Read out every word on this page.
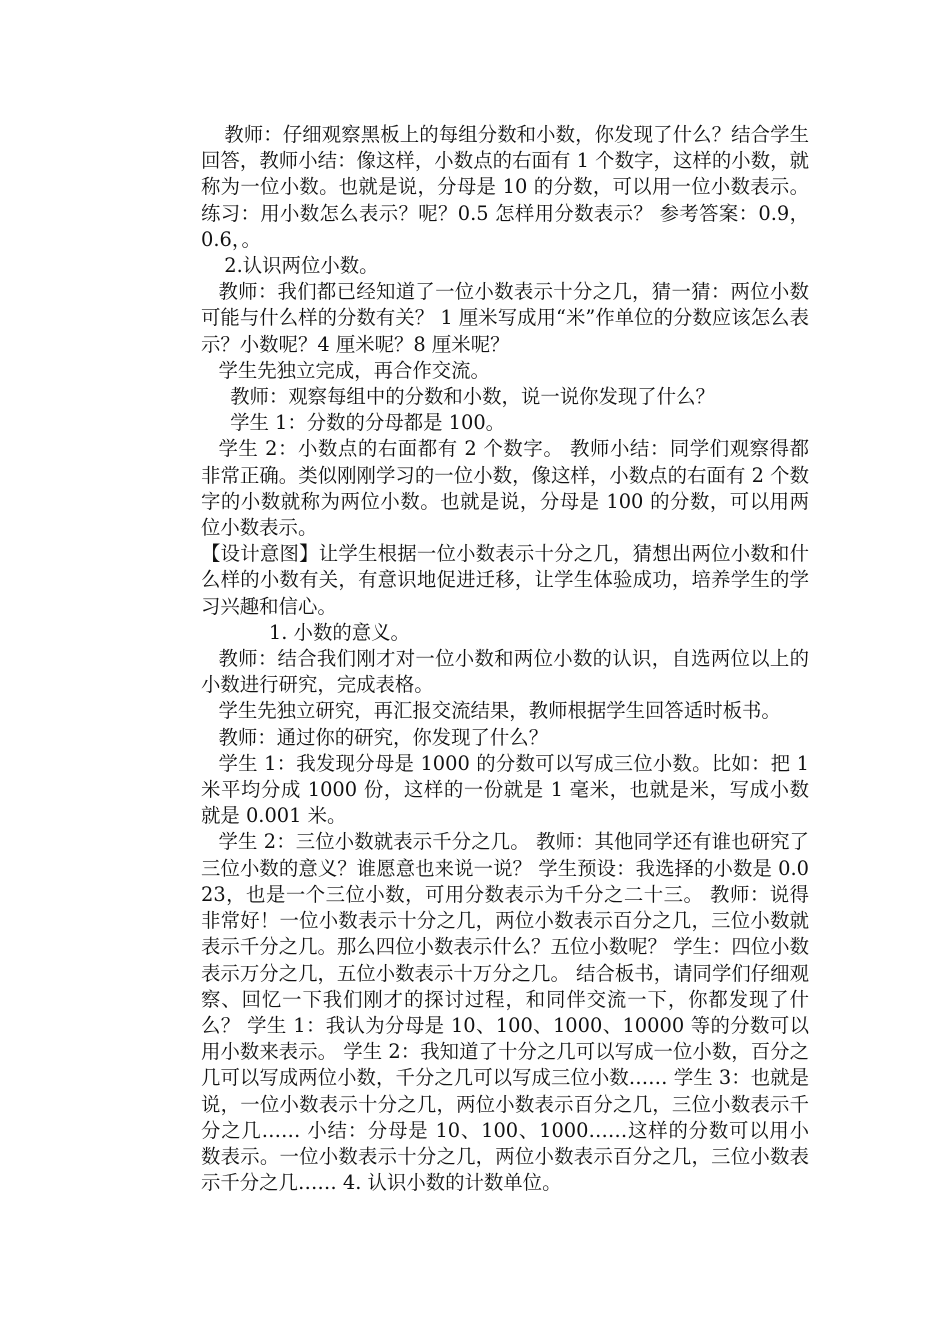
教师：仔细观察黑板上的每组分数和小数，你发现了什么？结合学生回答，教师小结：像这样，小数点的右面有 1 个数字，这样的小数，就称为一位小数。也就是说，分母是 10 的分数，可以用一位小数表示。 练习：用小数怎么表示？呢？0.5 怎样用分数表示？ 参考答案：0.9，0.6，。

2.认识两位小数。

教师：我们都已经知道了一位小数表示十分之几，猜一猜：两位小数可能与什么样的分数有关？ 1 厘米写成用“米”作单位的分数应该怎么表示？小数呢？4 厘米呢？8 厘米呢？

学生先独立完成，再合作交流。

教师：观察每组中的分数和小数，说一说你发现了什么？

学生 1：分数的分母都是 100。

学生 2：小数点的右面都有 2 个数字。 教师小结：同学们观察得都非常正确。类似刚刚学习的一位小数，像这样，小数点的右面有 2 个数字的小数就称为两位小数。也就是说，分母是 100 的分数，可以用两位小数表示。

【设计意图】让学生根据一位小数表示十分之几，猜想出两位小数和什么样的小数有关，有意识地促进迁移，让学生体验成功，培养学生的学习兴趣和信心。

1. 小数的意义。

教师：结合我们刚才对一位小数和两位小数的认识，自选两位以上的小数进行研究，完成表格。

学生先独立研究，再汇报交流结果，教师根据学生回答适时板书。

教师：通过你的研究，你发现了什么？

学生 1：我发现分母是 1000 的分数可以写成三位小数。比如：把 1 米平均分成 1000 份，这样的一份就是 1 毫米，也就是米，写成小数就是 0.001 米。

学生 2：三位小数就表示千分之几。 教师：其他同学还有谁也研究了三位小数的意义？谁愿意也来说一说？ 学生预设：我选择的小数是 0.023，也是一个三位小数，可用分数表示为千分之二十三。 教师：说得非常好！一位小数表示十分之几，两位小数表示百分之几，三位小数就表示千分之几。那么四位小数表示什么？五位小数呢？ 学生：四位小数表示万分之几，五位小数表示十万分之几。 结合板书，请同学们仔细观察、回忆一下我们刚才的探讨过程，和同伴交流一下，你都发现了什么？ 学生 1：我认为分母是 10、100、1000、10000 等的分数可以用小数来表示。 学生 2：我知道了十分之几可以写成一位小数，百分之几可以写成两位小数，千分之几可以写成三位小数…… 学生 3：也就是说，一位小数表示十分之几，两位小数表示百分之几，三位小数表示千分之几…… 小结：分母是 10、100、1000……这样的分数可以用小数表示。一位小数表示十分之几，两位小数表示百分之几，三位小数表示千分之几…… 4. 认识小数的计数单位。
